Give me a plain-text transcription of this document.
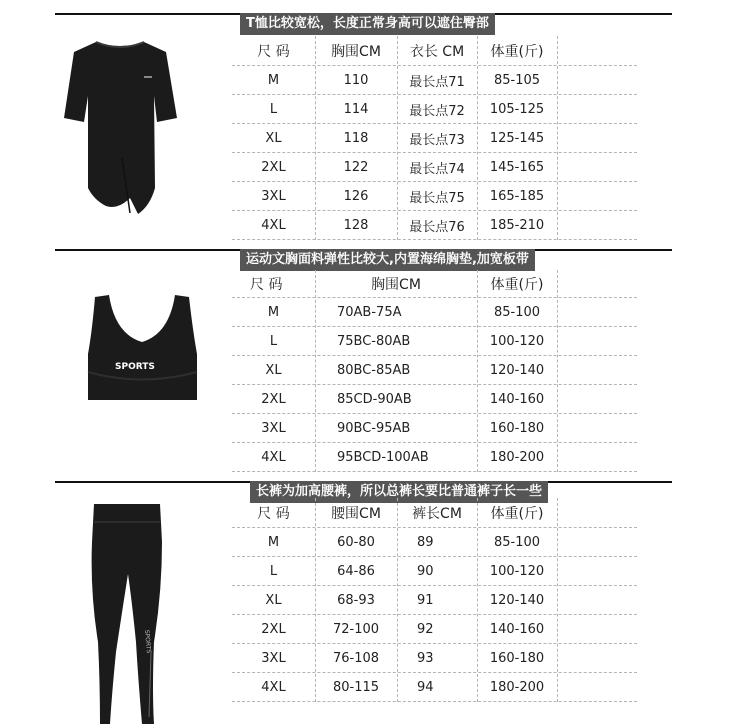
T恤比较宽松，长度正常身高可以遮住臀部
尺 码	胸围CM	衣长 CM	体重(斤)
M	110	最长点71	85-105
L	114	最长点72	105-125
XL	118	最长点73	125-145
2XL	122	最长点74	145-165
3XL	126	最长点75	165-185
4XL	128	最长点76	185-210
运动文胸面料弹性比较大,内置海绵胸垫,加宽板带
SPORTS
尺 码	胸围CM	体重(斤)
M	70AB-75A	85-100
L	75BC-80AB	100-120
XL	80BC-85AB	120-140
2XL	85CD-90AB	140-160
3XL	90BC-95AB	160-180
4XL	95BCD-100AB	180-200
长裤为加高腰裤，所以总裤长要比普通裤子长一些
SPORTS
尺 码	腰围CM	裤长CM	体重(斤)
M	60-80	89	85-100
L	64-86	90	100-120
XL	68-93	91	120-140
2XL	72-100	92	140-160
3XL	76-108	93	160-180
4XL	80-115	94	180-200
